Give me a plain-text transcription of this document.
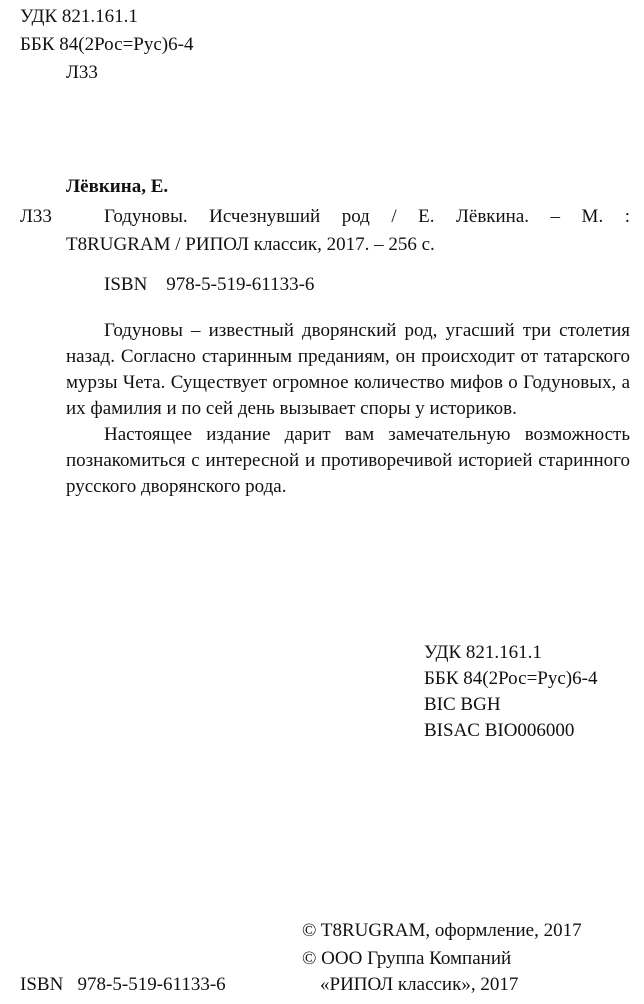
УДК 821.161.1

ББК 84(2Рос=Рус)6-4

Л33

Лёвкина, Е.

Л33	Годуновы. Исчезнувший род / Е. Лёвкина. – М. :

T8RUGRAM / РИПОЛ классик, 2017. – 256 с.

ISBN    978-5-519-61133-6

Годуновы – известный дворянский род, угасший три столетия назад. Согласно старинным преданиям, он происходит от татарского мурзы Чета. Существует огромное количество мифов о Годуновых, а их фамилия и по сей день вызывает споры у историков.

Настоящее издание дарит вам замечательную возможность познакомиться с интересной и противоречивой историей старинного русского дворянского рода.

УДК 821.161.1

ББК 84(2Рос=Рус)6-4

BIC BGH

BISAC BIO006000

© T8RUGRAM, оформление, 2017

© ООО Группа Компаний

«РИПОЛ классик», 2017

ISBN   978-5-519-61133-6
